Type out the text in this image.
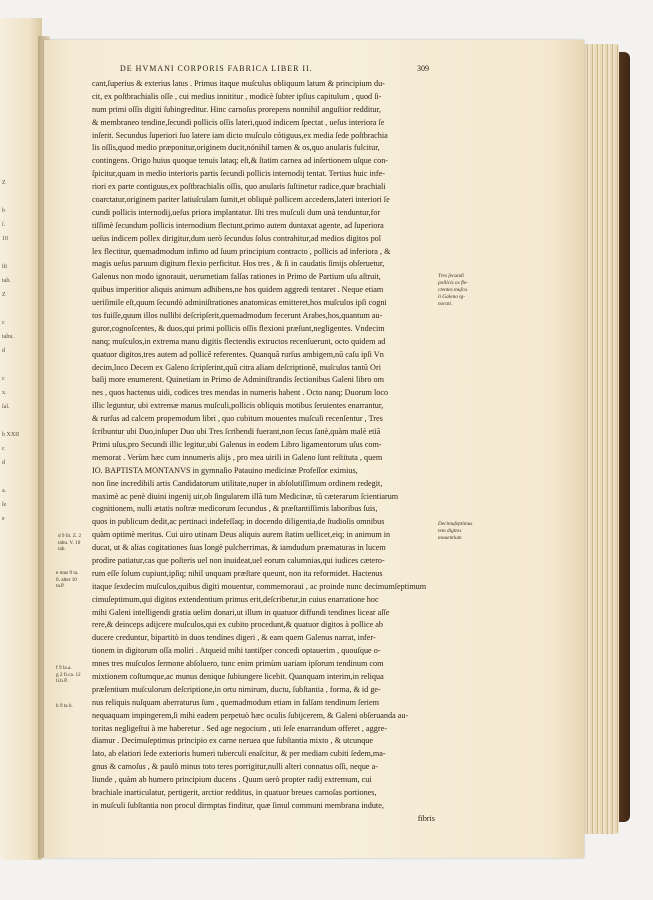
Z
b
ſ.
10
ſit
tab.
Z
c
tabu.
d
c
x.
ſal.
b XXII
c
d
a.
ſe
e
DE HVMANI CORPORIS FABRICA LIBER II.	309
cant,ſuperius & exterius latus . Primus itaque muſculus obliquum latum & principium du-
cit, ex poſtbrachialis oſſe , cui medius innititur , modicè ſubter ipſius capitulum , quod ſi-
num primi oſſis digiti ſubingreditur. Hinc carnoſus prorepens nonnihil anguſtior redditur,
& membraneo tendine,ſecundi pollicis oſſis lateri,quod indicem ſpectat , ueſus interiora ſe
inſerit. Secundus ſuperiori ſuo latere iam dicto muſculo cótiguus,ex media ſede poſtbrachia
lis oſſis,quod medio præponitur,originem ducit,nónihil tamen & os,quo anularis fulcitur,
contingens. Origo huius quoque tenuis lataq; eſt,& ſtatim carnea ad inſertionem uſque con-
ſpicitur,quam in medio interioris partis ſecundi pollicis internodij tentat. Tertius huic infe-
riori ex parte contiguus,ex poſtbrachialis oſſis, quo anularis ſuſtinetur radice,quæ brachiali
coarctatur,originem pariter latiuſculam ſumit,et obliquè pollicem accedens,lateri interiori ſe
cundi pollicis internodij,ueſus priora implantatur. Iſti tres muſculi dum unà tenduntur,for
tiſſimè ſecundum pollicis internodium flectunt,primo autem duntaxat agente, ad ſuperiora
ueſus indicem pollex dirigitur,dum uerò ſecundus ſolus contrahitur,ad medios digitos pol
lex flectitur, quemadmodum infimo ad ſuum principium contracto , pollicis ad inferiora , &
magis ueſus paruum digitum flexio perficitur. Hos tres , & ſi in caudatis ſimijs obſeruetur,
Galenus non modo ignorauit, uerumetiam falſas rationes in Primo de Partium uſu aſtruit,
quibus imperitior aliquis animum adhibens,ne hos quidem aggredi tentaret . Neque etiam
ueriſimile eſt,quum ſecundò adminiſtrationes anatomicas emitteret,hos muſculos ipſi cogni
tos fuiſſe,quum illos nullibi deſcripſerit,quemadmodum fecerunt Arabes,hos,quantum au-
guror,cognoſcentes, & duos,qui primi pollicis oſſis flexioni præſunt,negligentes. Vndecim
nanq; muſculos,in extrema manu digitis flectendis extructos recenſuerunt, octo quidem ad
quatuor digitos,tres autem ad pollicē referentes. Quanquã rurſus ambigem,nū caſu ipſi Vn
decim,loco Decem ex Galeno ſcripſerint,quũ citra aliam deſcriptionē, muſculos tantũ Ori
baſij more enumerent. Quinetiam in Primo de Adminiſtrandis ſectionibus Galeni libro om
nes , quos hactenus uidi, codices tres mendas in numeris habent . Octo nanq; Duorum loco
illic leguntur, ubi extremæ manus muſculi,pollicis obliquis motibus ſeruientes enarrantur,
& rurſus ad calcem propemodum libri , quo cubitum mouentes muſculi recenſentur , Tres
ſcribuntur ubi Duo,inſuper Duo ubi Tres ſcribendi fuerant,non ſecus ſanè,quàm malè etiā
Primi uſus,pro Secundi illic legitur,ubi Galenus in eodem Libro ligamentorum uſus com-
memorat . Verùm hæc cum innumeris alijs , pro mea uirili in Galeno ſunt reſtituta , quem
IO. BAPTISTA MONTANVS in gymnaſio Patauino medicinæ Profeſſor eximius,
non ſine incredibili artis Candidatorum utilitate,nuper in abſolutiſſimum ordinem redegit,
maximè ac penè diuini ingenij uir,ob ſingularem illã tum Medicinæ, tū cæterarum ſcientiarum
cognitionem, nulli ætatis noſtræ medicorum ſecundus , & præſtantiſſimis laboribus ſuis,
quos in publicum dedit,ac pertinaci indefeſſaq; in docendo diligentia,de ſtudioſis omnibus
quàm optimè meritus. Cui uiro utinam Deus aliquis aurem ſtatim uellicet,eiq; in animum in
ducat, ut & alias cogitationes ſuas longè pulcherrimas, & iamdudum præmaturas in lucem
prodire patiatur,cas que poſteris uel non inuideat,uel eorum calumnias,qui iudices cætero-
rum eſſe ſolum cupiunt,ipſiq; nihil unquam præſtare queunt, non ita reformidet. Hactenus
itaque ſexdecim muſculos,quibus digiti mouentur, commemoraui , ac proinde nunc decimumſeptimum
cimuſeptimum,qui digitos extendentium primus erit,deſcribetur,in cuius enarratione hoc
mihi Galeni intelligendi gratia uelim donari,ut illum in quatuor diffundi tendines licear aſſe
rere,& deinceps adijcere muſculos,qui ex cubito procedunt,& quatuor digitos à pollice ab
ducere creduntur, bipartitò in duos tendines digeri , & eam quem Galenus narrat, infer-
tionem in digitorum oſſa moliri . Atqueid mihi tantiſper concedi optauerim , quouſque o-
mnes tres muſculos ſermone abſoluero, tunc enim primùm uariam ipſorum tendinum com
mixtionem coſtumque,ac munus denique ſubiungere licebit. Quanquam interim,in reliqua
præſentium muſculorum deſcriptione,in ortu nimirum, ductu, ſubſtantia , forma, & id ge-
nus reliquis nuſquam aberraturus ſum , quemadmodum etiam in falſam tendinum ſeriem
nequaquam impingerem,ſi mihi eadem perpetuò hæc oculis ſubijcerem, & Galeni obſeruanda au-
toritas negligeſtui à me haberetur . Sed age negocium , uti ſeſe enarrandum offeret , aggre-
diamur . Decimuſeptimus principio ex carne neruea que ſubſtantia mixto , & utcunque
lato, ab elatiori ſede exterioris humeri tuberculi enaſcitur, & per mediam cubiti ſedem,ma-
gnus & carnoſus , & paulò minus toto teres porrigitur,nulli alteri connatus oſſi, neque a-
liunde , quàm ab humero principium ducens . Quum uerò propter radij extremum, cui
brachiale inarticulatur, pertigerit, arctior redditus, in quatuor breues carnoſas portiones,
in muſculi ſubſtantia non procul dirmptas finditur, quæ ſimul communi membrana indute,
fibris
Tres ſecundi
pollicis os fle-
ctentes muſcu
li Galeno ig-
norati.
Decimuſeptimus
tem digitos
mouentium
d 9 lit. Z. 2
tabu. V. 10
tab.
e mus 9 ta.
0. alter 10
ta.P.
f 9 la.a.
g 2 fi.ca. 12
li.b.P.
h 9 ta b.
